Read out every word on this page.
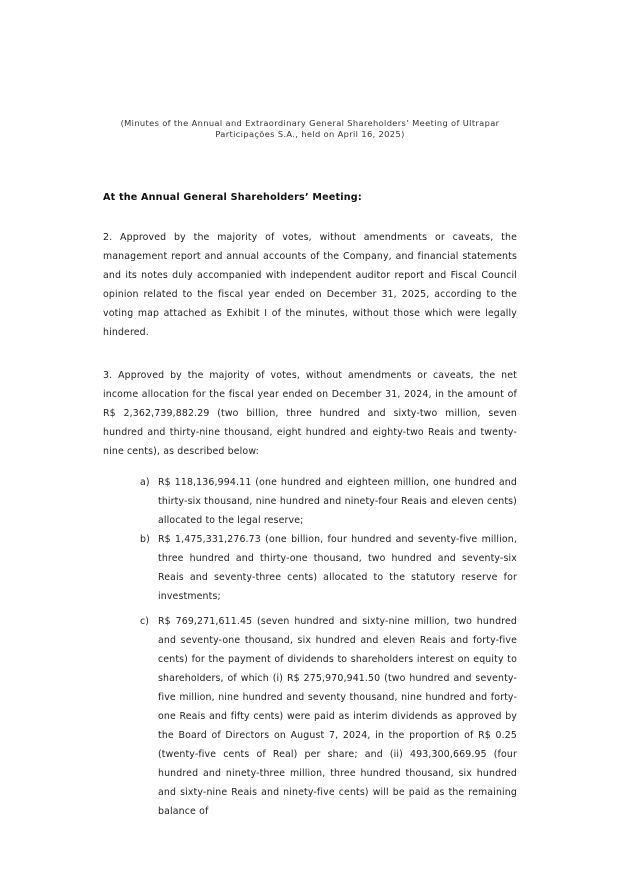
(Minutes of the Annual and Extraordinary General Shareholders’ Meeting of Ultrapar Participações S.A., held on April 16, 2025)
At the Annual General Shareholders’ Meeting:
2. Approved by the majority of votes, without amendments or caveats, the management report and annual accounts of the Company, and financial statements and its notes duly accompanied with independent auditor report and Fiscal Council opinion related to the fiscal year ended on December 31, 2025, according to the voting map attached as Exhibit I of the minutes, without those which were legally hindered.
3. Approved by the majority of votes, without amendments or caveats, the net income allocation for the fiscal year ended on December 31, 2024, in the amount of R$ 2,362,739,882.29 (two billion, three hundred and sixty-two million, seven hundred and thirty-nine thousand, eight hundred and eighty-two Reais and twenty-nine cents), as described below:
a) R$ 118,136,994.11 (one hundred and eighteen million, one hundred and thirty-six thousand, nine hundred and ninety-four Reais and eleven cents) allocated to the legal reserve;
b) R$ 1,475,331,276.73 (one billion, four hundred and seventy-five million, three hundred and thirty-one thousand, two hundred and seventy-six Reais and seventy-three cents) allocated to the statutory reserve for investments;
c) R$ 769,271,611.45 (seven hundred and sixty-nine million, two hundred and seventy-one thousand, six hundred and eleven Reais and forty-five cents) for the payment of dividends to shareholders interest on equity to shareholders, of which (i) R$ 275,970,941.50 (two hundred and seventy-five million, nine hundred and seventy thousand, nine hundred and forty-one Reais and fifty cents) were paid as interim dividends as approved by the Board of Directors on August 7, 2024, in the proportion of R$ 0.25 (twenty-five cents of Real) per share; and (ii) 493,300,669.95 (four hundred and ninety-three million, three hundred thousand, six hundred and sixty-nine Reais and ninety-five cents) will be paid as the remaining balance of
